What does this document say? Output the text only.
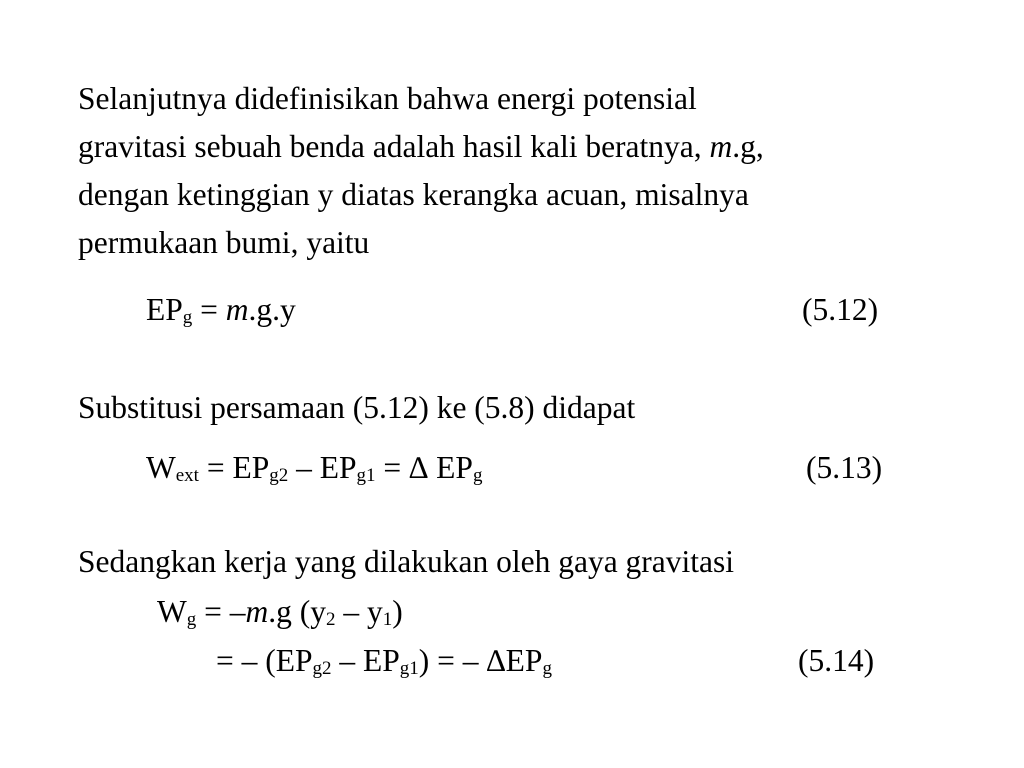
Selanjutnya didefinisikan bahwa energi potensial
gravitasi sebuah benda adalah hasil kali beratnya, m.g,
dengan ketinggian y diatas kerangka acuan, misalnya
permukaan bumi, yaitu
$EP_g = m.g.y$	(5.12)
Substitusi persamaan (5.12) ke (5.8) didapat
$W_{ext} = EP_{g2} - EP_{g1}$ = ∆ $EP_g$	(5.13)
Sedangkan kerja yang dilakukan oleh gaya gravitasi
$W_g = -m.g$ $(y_2 - y_1)$
= – $(EP_{g2} - EP_{g1})$ = – $\Delta EP_g$	(5.14)
